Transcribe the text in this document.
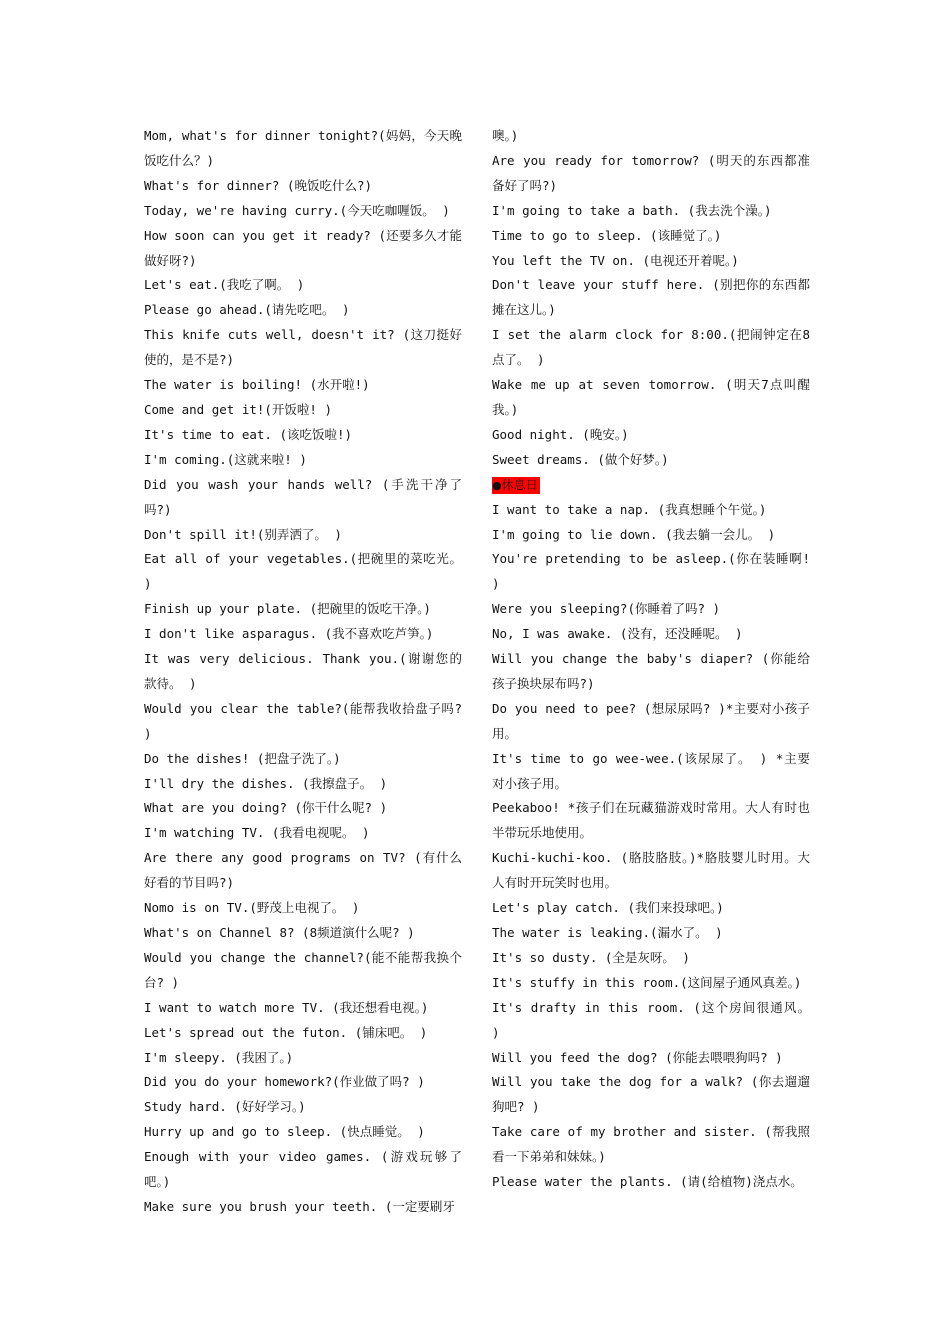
Mom, what's for dinner tonight?(妈妈，今天晚饭吃什么？)

What's for dinner? (晚饭吃什么?)

Today, we're having curry.(今天吃咖喱饭。 )

How soon can you get it ready? (还要多久才能做好呀?)

Let's eat.(我吃了啊。 )

Please go ahead.(请先吃吧。 )

This knife cuts well, doesn't it? (这刀挺好使的，是不是?)

The water is boiling! (水开啦!)

Come and get it!(开饭啦! )

It's time to eat. (该吃饭啦!)

I'm coming.(这就来啦! )

Did you wash your hands well? (手洗干净了吗?)

Don't spill it!(别弄洒了。 )

Eat all of your vegetables.(把碗里的菜吃光。 )

Finish up your plate. (把碗里的饭吃干净。)

I don't like asparagus. (我不喜欢吃芦笋。)

It was very delicious. Thank you.(谢谢您的款待。 )

Would you clear the table?(能帮我收拾盘子吗? )

Do the dishes! (把盘子洗了。)

I'll dry the dishes. (我擦盘子。 )

What are you doing? (你干什么呢? )

I'm watching TV. (我看电视呢。 )

Are there any good programs on TV? (有什么好看的节目吗?)

Nomo is on TV.(野茂上电视了。 )

What's on Channel 8? (8频道演什么呢? )

Would you change the channel?(能不能帮我换个台? )

I want to watch more TV. (我还想看电视。)

Let's spread out the futon. (铺床吧。 )

I'm sleepy. (我困了。)

Did you do your homework?(作业做了吗? )

Study hard. (好好学习。)

Hurry up and go to sleep. (快点睡觉。 )

Enough with your video games. (游戏玩够了吧。)

Make sure you brush your teeth. (一定要刷牙

噢。)

Are you ready for tomorrow? (明天的东西都准备好了吗?)

I'm going to take a bath. (我去洗个澡。)

Time to go to sleep. (该睡觉了。)

You left the TV on. (电视还开着呢。)

Don't leave your stuff here. (别把你的东西都摊在这儿。)

I set the alarm clock for 8:00.(把闹钟定在8点了。 )

Wake me up at seven tomorrow. (明天7点叫醒我。)

Good night. (晚安。)

Sweet dreams. (做个好梦。)

●休息日

I want to take a nap. (我真想睡个午觉。)

I'm going to lie down. (我去躺一会儿。 )

You're pretending to be asleep.(你在装睡啊! )

Were you sleeping?(你睡着了吗? )

No, I was awake. (没有，还没睡呢。 )

Will you change the baby's diaper? (你能给孩子换块尿布吗?)

Do you need to pee? (想尿尿吗? )*主要对小孩子用。

It's time to go wee-wee.(该尿尿了。 ) *主要对小孩子用。

Peekaboo! *孩子们在玩藏猫游戏时常用。大人有时也半带玩乐地使用。

Kuchi-kuchi-koo. (胳肢胳肢。)*胳肢婴儿时用。大人有时开玩笑时也用。

Let's play catch. (我们来投球吧。)

The water is leaking.(漏水了。 )

It's so dusty. (全是灰呀。 )

It's stuffy in this room.(这间屋子通风真差。)

It's drafty in this room. (这个房间很通风。 )

Will you feed the dog? (你能去喂喂狗吗? )

Will you take the dog for a walk? (你去遛遛狗吧? )

Take care of my brother and sister. (帮我照看一下弟弟和妹妹。)

Please water the plants. (请(给植物)浇点水。
